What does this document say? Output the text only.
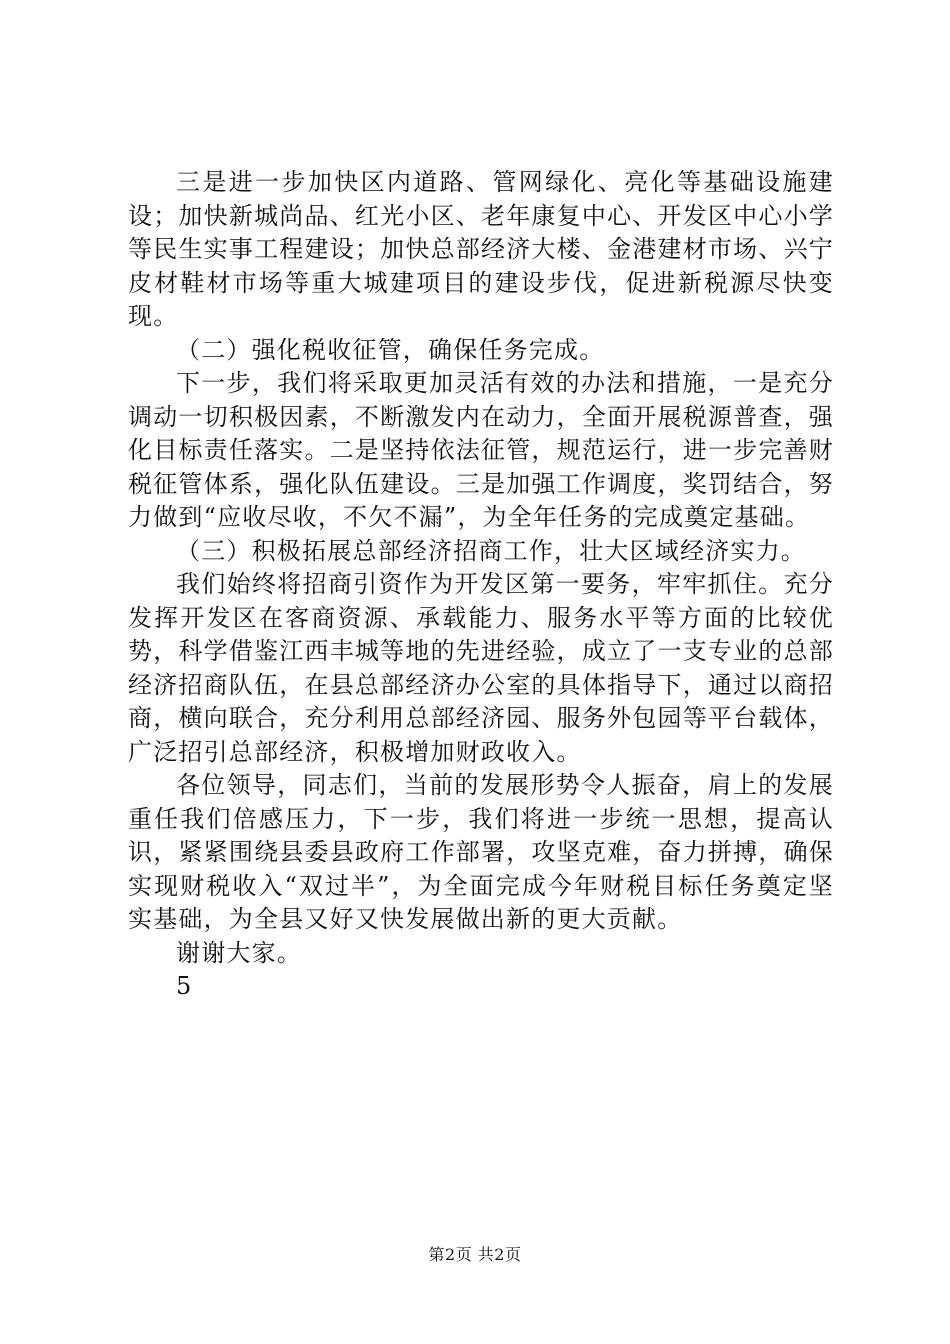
三是进一步加快区内道路、管网绿化、亮化等基础设施建设；加快新城尚品、红光小区、老年康复中心、开发区中心小学等民生实事工程建设；加快总部经济大楼、金港建材市场、兴宁皮材鞋材市场等重大城建项目的建设步伐，促进新税源尽快变现。

（二）强化税收征管，确保任务完成。

下一步，我们将采取更加灵活有效的办法和措施，一是充分调动一切积极因素，不断激发内在动力，全面开展税源普查，强化目标责任落实。二是坚持依法征管，规范运行，进一步完善财税征管体系，强化队伍建设。三是加强工作调度，奖罚结合，努力做到“应收尽收，不欠不漏”，为全年任务的完成奠定基础。

（三）积极拓展总部经济招商工作，壮大区域经济实力。

我们始终将招商引资作为开发区第一要务，牢牢抓住。充分发挥开发区在客商资源、承载能力、服务水平等方面的比较优势，科学借鉴江西丰城等地的先进经验，成立了一支专业的总部经济招商队伍，在县总部经济办公室的具体指导下，通过以商招商，横向联合，充分利用总部经济园、服务外包园等平台载体，广泛招引总部经济，积极增加财政收入。

各位领导，同志们，当前的发展形势令人振奋，肩上的发展重任我们倍感压力，下一步，我们将进一步统一思想，提高认识，紧紧围绕县委县政府工作部署，攻坚克难，奋力拼搏，确保实现财税收入“双过半”，为全面完成今年财税目标任务奠定坚实基础，为全县又好又快发展做出新的更大贡献。

谢谢大家。

5

第2页 共2页
